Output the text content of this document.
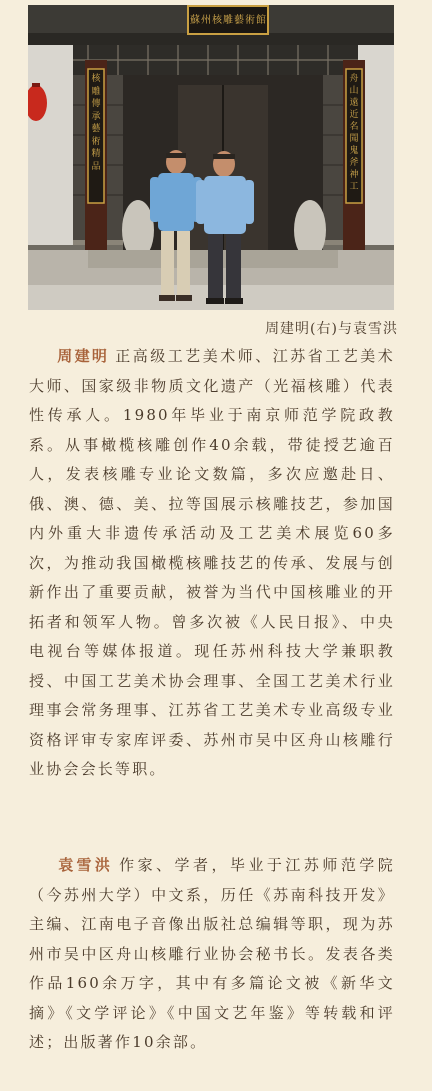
蘇州核雕藝術館
核雕傳承藝術精品
舟山遠近名聞鬼斧神工
周建明(右)与袁雪洪

周建明 正高级工艺美术师、江苏省工艺美术大师、国家级非物质文化遗产（光福核雕）代表性传承人。1980年毕业于南京师范学院政教系。从事橄榄核雕创作40余载，带徒授艺逾百人，发表核雕专业论文数篇，多次应邀赴日、俄、澳、德、美、拉等国展示核雕技艺，参加国内外重大非遗传承活动及工艺美术展览60多次，为推动我国橄榄核雕技艺的传承、发展与创新作出了重要贡献，被誉为当代中国核雕业的开拓者和领军人物。曾多次被《人民日报》、中央电视台等媒体报道。现任苏州科技大学兼职教授、中国工艺美术协会理事、全国工艺美术行业理事会常务理事、江苏省工艺美术专业高级专业资格评审专家库评委、苏州市吴中区舟山核雕行业协会会长等职。

袁雪洪 作家、学者，毕业于江苏师范学院（今苏州大学）中文系，历任《苏南科技开发》主编、江南电子音像出版社总编辑等职，现为苏州市吴中区舟山核雕行业协会秘书长。发表各类作品160余万字，其中有多篇论文被《新华文摘》《文学评论》《中国文艺年鉴》等转载和评述；出版著作10余部。
